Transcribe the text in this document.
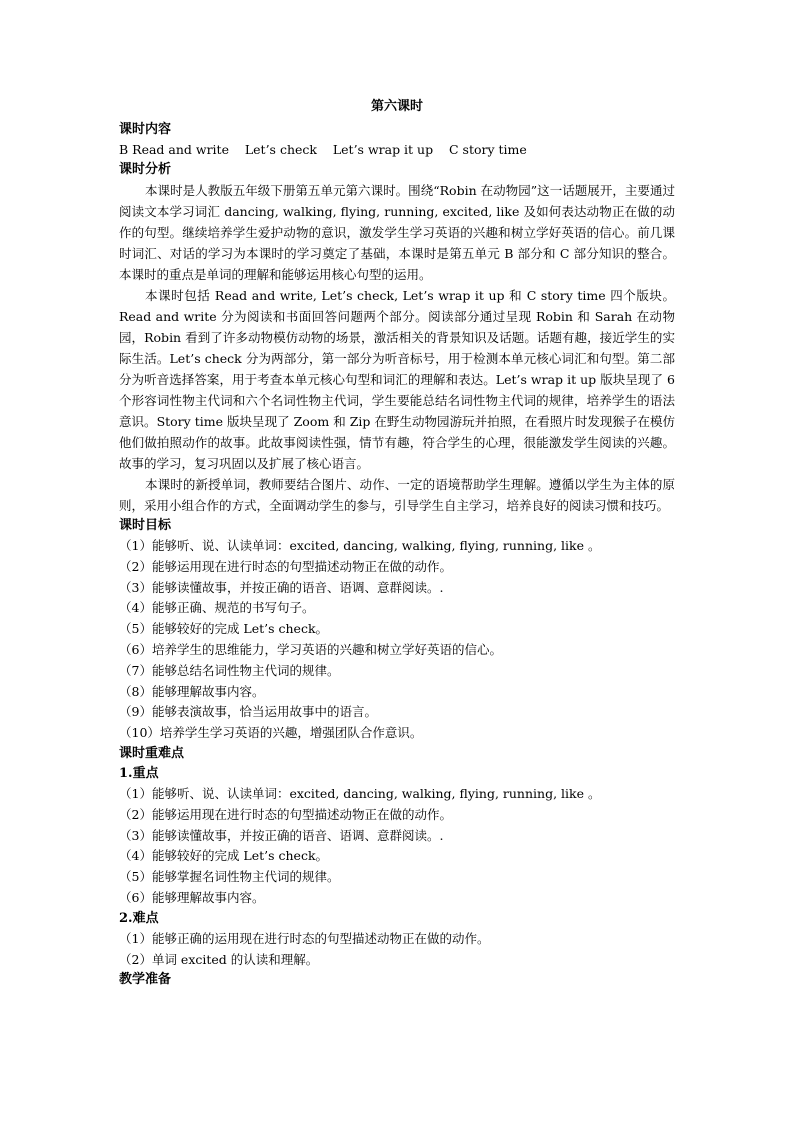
第六课时
课时内容
B Read and write    Let’s check    Let’s wrap it up    C story time
课时分析

本课时是人教版五年级下册第五单元第六课时。围绕“Robin 在动物园”这一话题展开，主要通过阅读文本学习词汇 dancing, walking, flying, running, excited, like 及如何表达动物正在做的动作的句型。继续培养学生爱护动物的意识，激发学生学习英语的兴趣和树立学好英语的信心。前几课时词汇、对话的学习为本课时的学习奠定了基础，本课时是第五单元 B 部分和 C 部分知识的整合。本课时的重点是单词的理解和能够运用核心句型的运用。

本课时包括 Read and write, Let’s check, Let’s wrap it up 和 C story time 四个版块。Read and write 分为阅读和书面回答问题两个部分。阅读部分通过呈现 Robin 和 Sarah 在动物园，Robin 看到了许多动物模仿动物的场景，激活相关的背景知识及话题。话题有趣，接近学生的实际生活。Let’s check 分为两部分，第一部分为听音标号，用于检测本单元核心词汇和句型。第二部分为听音选择答案，用于考查本单元核心句型和词汇的理解和表达。Let’s wrap it up 版块呈现了 6 个形容词性物主代词和六个名词性物主代词，学生要能总结名词性物主代词的规律，培养学生的语法意识。Story time 版块呈现了 Zoom 和 Zip 在野生动物园游玩并拍照，在看照片时发现猴子在模仿他们做拍照动作的故事。此故事阅读性强，情节有趣，符合学生的心理，很能激发学生阅读的兴趣。故事的学习，复习巩固以及扩展了核心语言。

本课时的新授单词，教师要结合图片、动作、一定的语境帮助学生理解。遵循以学生为主体的原则，采用小组合作的方式，全面调动学生的参与，引导学生自主学习，培养良好的阅读习惯和技巧。

课时目标
（1）能够听、说、认读单词：excited, dancing, walking, flying, running, like 。
（2）能够运用现在进行时态的句型描述动物正在做的动作。
（3）能够读懂故事，并按正确的语音、语调、意群阅读。.
（4）能够正确、规范的书写句子。
（5）能够较好的完成 Let’s check。
（6）培养学生的思维能力，学习英语的兴趣和树立学好英语的信心。
（7）能够总结名词性物主代词的规律。
（8）能够理解故事内容。
（9）能够表演故事，恰当运用故事中的语言。
（10）培养学生学习英语的兴趣，增强团队合作意识。
课时重难点
1.重点
（1）能够听、说、认读单词：excited, dancing, walking, flying, running, like 。
（2）能够运用现在进行时态的句型描述动物正在做的动作。
（3）能够读懂故事，并按正确的语音、语调、意群阅读。.
（4）能够较好的完成 Let’s check。
（5）能够掌握名词性物主代词的规律。
（6）能够理解故事内容。
2.难点
（1）能够正确的运用现在进行时态的句型描述动物正在做的动作。
（2）单词 excited 的认读和理解。
教学准备
